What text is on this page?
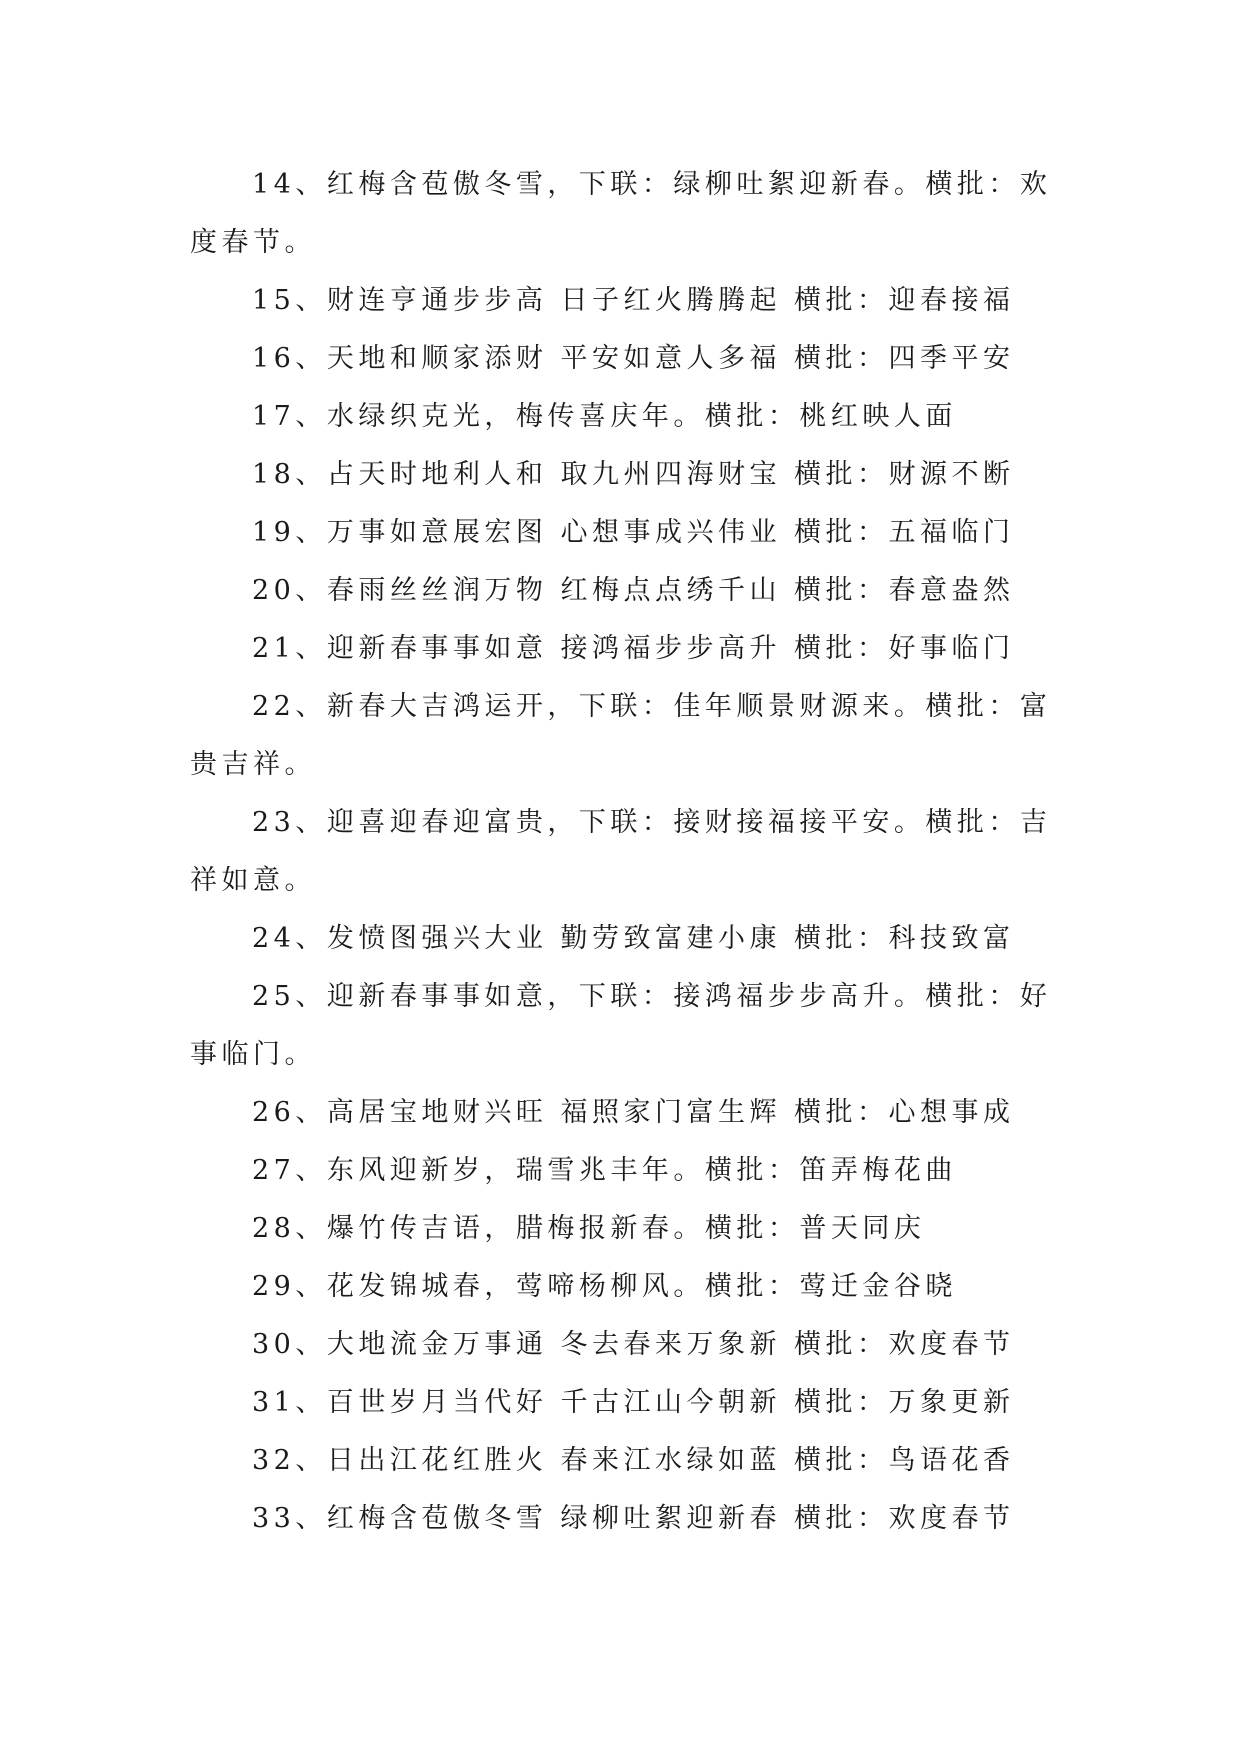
14、红梅含苞傲冬雪，下联：绿柳吐絮迎新春。横批：欢度春节。

15、财连亨通步步高 日子红火腾腾起 横批：迎春接福

16、天地和顺家添财 平安如意人多福 横批：四季平安

17、水绿织克光，梅传喜庆年。横批：桃红映人面

18、占天时地利人和 取九州四海财宝 横批：财源不断

19、万事如意展宏图 心想事成兴伟业 横批：五福临门

20、春雨丝丝润万物 红梅点点绣千山 横批：春意盎然

21、迎新春事事如意 接鸿福步步高升 横批：好事临门

22、新春大吉鸿运开，下联：佳年顺景财源来。横批：富贵吉祥。

23、迎喜迎春迎富贵，下联：接财接福接平安。横批：吉祥如意。

24、发愤图强兴大业 勤劳致富建小康 横批：科技致富

25、迎新春事事如意，下联：接鸿福步步高升。横批：好事临门。

26、高居宝地财兴旺 福照家门富生辉 横批：心想事成

27、东风迎新岁，瑞雪兆丰年。横批：笛弄梅花曲

28、爆竹传吉语，腊梅报新春。横批：普天同庆

29、花发锦城春，莺啼杨柳风。横批：莺迁金谷晓

30、大地流金万事通 冬去春来万象新 横批：欢度春节

31、百世岁月当代好 千古江山今朝新 横批：万象更新

32、日出江花红胜火 春来江水绿如蓝 横批：鸟语花香

33、红梅含苞傲冬雪 绿柳吐絮迎新春 横批：欢度春节
